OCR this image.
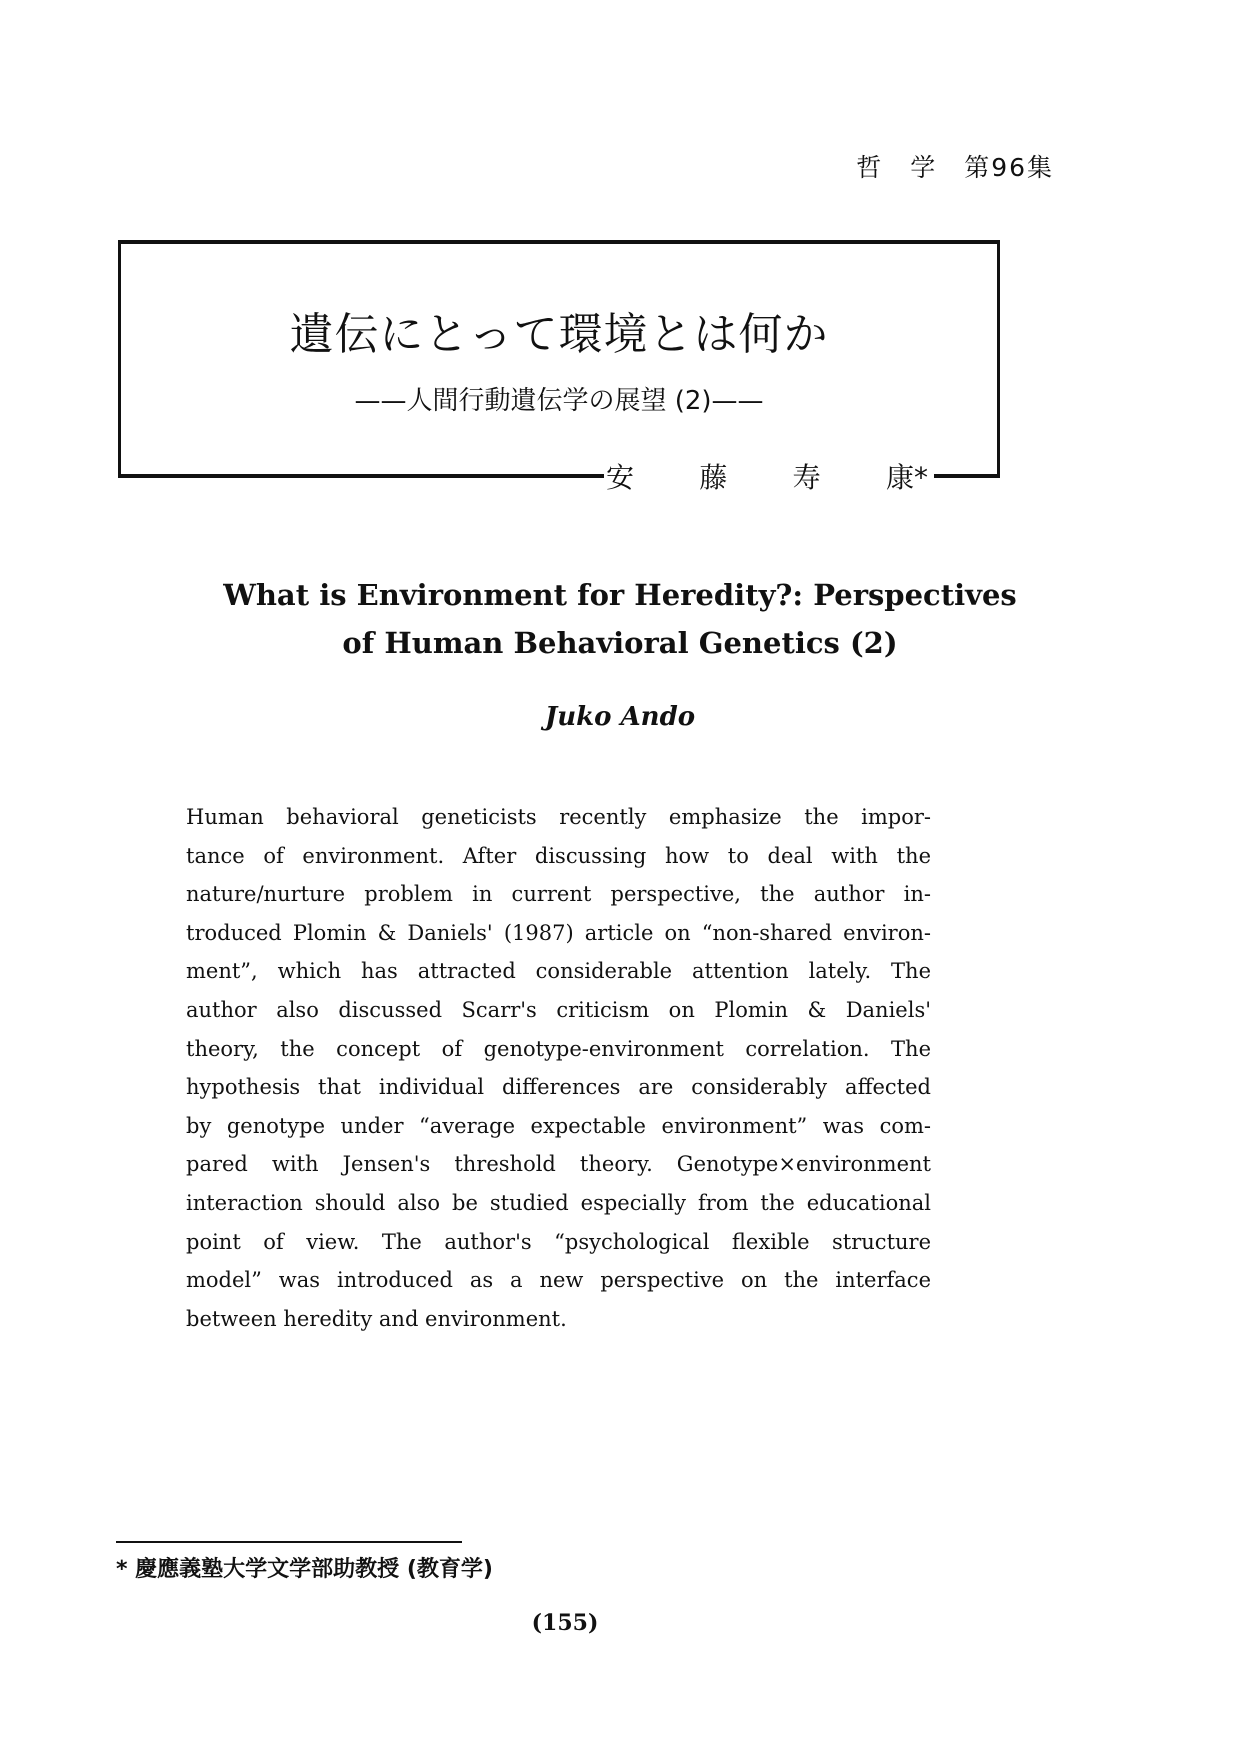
哲　学　第96集
遺伝にとって環境とは何か
——人間行動遺伝学の展望 (2)——
安 藤 寿 康*
What is Environment for Heredity?: Perspectives
of Human Behavioral Genetics (2)
Juko Ando
Human behavioral geneticists recently emphasize the impor-
tance of environment. After discussing how to deal with the
nature/nurture problem in current perspective, the author in-
troduced Plomin & Daniels' (1987) article on “non-shared environ-
ment”, which has attracted considerable attention lately. The
author also discussed Scarr's criticism on Plomin & Daniels'
theory, the concept of genotype-environment correlation. The
hypothesis that individual differences are considerably affected
by genotype under “average expectable environment” was com-
pared with Jensen's threshold theory. Genotype×environment
interaction should also be studied especially from the educational
point of view. The author's “psychological flexible structure
model” was introduced as a new perspective on the interface
between heredity and environment.
* 慶應義塾大学文学部助教授 (教育学)
(155)
